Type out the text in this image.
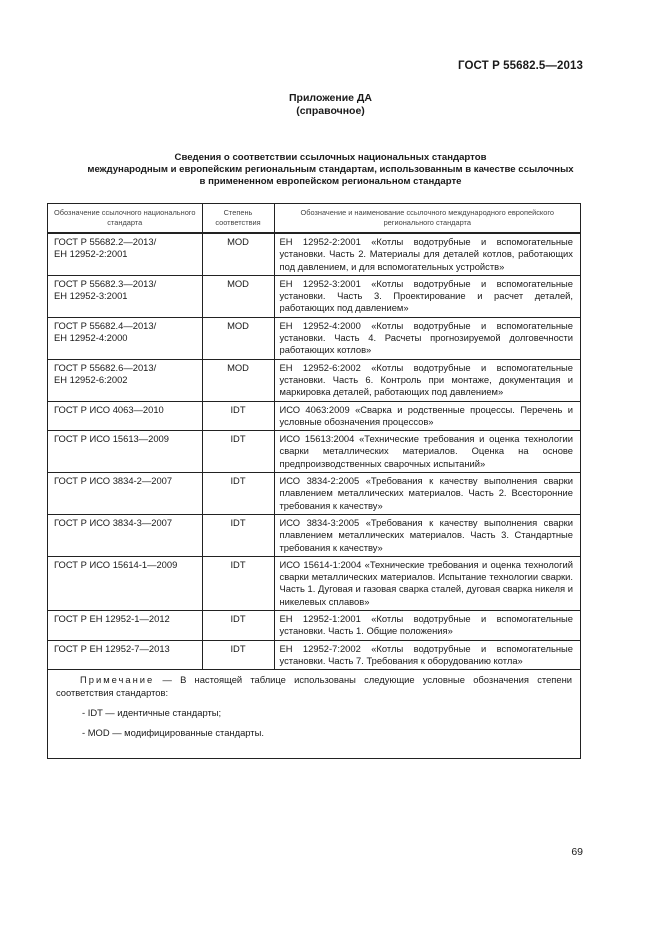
ГОСТ Р 55682.5—2013
Приложение ДА
(справочное)
Сведения о соответствии ссылочных национальных стандартов
международным и европейским региональным стандартам, использованным в качестве ссылочных
в примененном европейском региональном стандарте
Обозначение ссылочного национального стандарта	Степень соответствия	Обозначение и наименование ссылочного международного европейского регионального стандарта
ГОСТ Р 55682.2—2013/
ЕН 12952-2:2001	MOD	ЕН 12952-2:2001 «Котлы водотрубные и вспомогательные установки. Часть 2. Материалы для деталей котлов, работающих под давлением, и для вспомогательных устройств»
ГОСТ Р 55682.3—2013/
ЕН 12952-3:2001	MOD	ЕН 12952-3:2001 «Котлы водотрубные и вспомогательные установки. Часть 3. Проектирование и расчет деталей, работающих под давлением»
ГОСТ Р 55682.4—2013/
ЕН 12952-4:2000	MOD	ЕН 12952-4:2000 «Котлы водотрубные и вспомогательные установки. Часть 4. Расчеты прогнозируемой долговечности работающих котлов»
ГОСТ Р 55682.6—2013/
ЕН 12952-6:2002	MOD	ЕН 12952-6:2002 «Котлы водотрубные и вспомогательные установки. Часть 6. Контроль при монтаже, документация и маркировка деталей, работающих под давлением»
ГОСТ Р ИСО 4063—2010	IDT	ИСО 4063:2009 «Сварка и родственные процессы. Перечень и условные обозначения процессов»
ГОСТ Р ИСО 15613—2009	IDT	ИСО 15613:2004 «Технические требования и оценка технологии сварки металлических материалов. Оценка на основе предпроизводственных сварочных испытаний»
ГОСТ Р ИСО 3834-2—2007	IDT	ИСО 3834-2:2005 «Требования к качеству выполнения сварки плавлением металлических материалов. Часть 2. Всесторонние требования к качеству»
ГОСТ Р ИСО 3834-3—2007	IDT	ИСО 3834-3:2005 «Требования к качеству выполнения сварки плавлением металлических материалов. Часть 3. Стандартные требования к качеству»
ГОСТ Р ИСО 15614-1—2009	IDT	ИСО 15614-1:2004 «Технические требования и оценка технологий сварки металлических материалов. Испытание технологии сварки. Часть 1. Дуговая и газовая сварка сталей, дуговая сварка никеля и никелевых сплавов»
ГОСТ Р ЕН 12952-1—2012	IDT	ЕН 12952-1:2001 «Котлы водотрубные и вспомогательные установки. Часть 1. Общие положения»
ГОСТ Р ЕН 12952-7—2013	IDT	ЕН 12952-7:2002 «Котлы водотрубные и вспомогательные установки. Часть 7. Требования к оборудованию котла»

Примечание — В настоящей таблице использованы следующие условные обозначения степени соответствия стандартов:

- IDT — идентичные стандарты;

- MOD — модифицированные стандарты.

69
